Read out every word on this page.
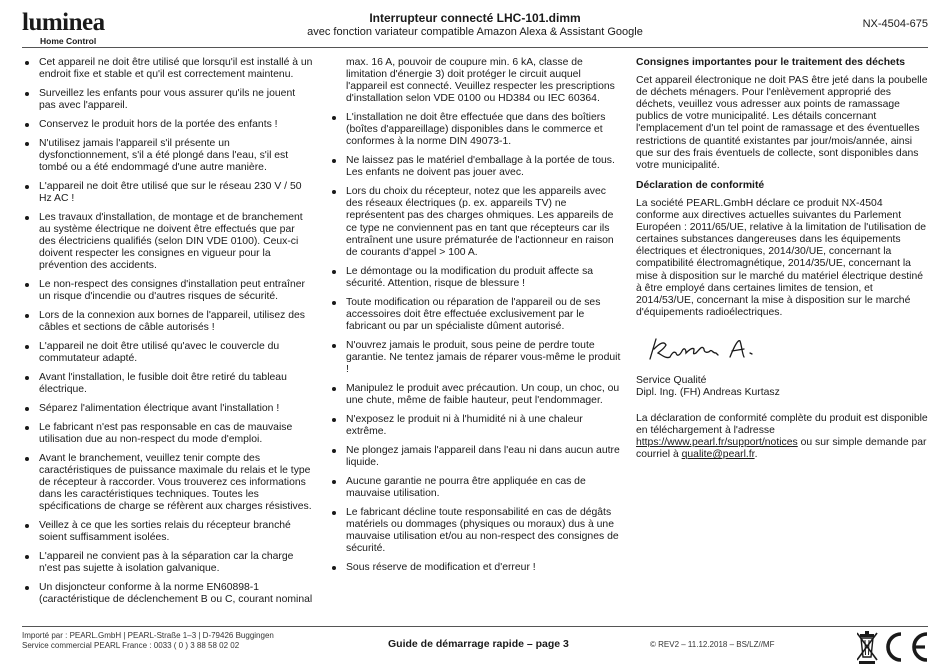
luminea
Home Control
Interrupteur connecté LHC-101.dimm
avec fonction variateur compatible Amazon Alexa & Assistant Google
NX-4504-675
Cet appareil ne doit être utilisé que lorsqu'il est installé à un endroit fixe et stable et qu'il est correctement maintenu.
Surveillez les enfants pour vous assurer qu'ils ne jouent pas avec l'appareil.
Conservez le produit hors de la portée des enfants !
N'utilisez jamais l'appareil s'il présente un dysfonctionnement, s'il a été plongé dans l'eau, s'il est tombé ou a été endommagé d'une autre manière.
L'appareil ne doit être utilisé que sur le réseau 230 V / 50 Hz AC !
Les travaux d'installation, de montage et de branchement au système électrique ne doivent être effectués que par des électriciens qualifiés (selon DIN VDE 0100). Ceux-ci doivent respecter les consignes en vigueur pour la prévention des accidents.
Le non-respect des consignes d'installation peut entraîner un risque d'incendie ou d'autres risques de sécurité.
Lors de la connexion aux bornes de l'appareil, utilisez des câbles et sections de câble autorisés !
L'appareil ne doit être utilisé qu'avec le couvercle du commutateur adapté.
Avant l'installation, le fusible doit être retiré du tableau électrique.
Séparez l'alimentation électrique avant l'installation !
Le fabricant n'est pas responsable en cas de mauvaise utilisation due au non-respect du mode d'emploi.
Avant le branchement, veuillez tenir compte des caractéristiques de puissance maximale du relais et le type de récepteur à raccorder. Vous trouverez ces informations dans les caractéristiques techniques. Toutes les spécifications de charge se réfèrent aux charges résistives.
Veillez à ce que les sorties relais du récepteur branché soient suffisamment isolées.
L'appareil ne convient pas à la séparation car la charge n'est pas sujette à isolation galvanique.
Un disjoncteur conforme à la norme EN60898-1 (caractéristique de déclenchement B ou C, courant nominal
max. 16 A, pouvoir de coupure min. 6 kA, classe de limitation d'énergie 3) doit protéger le circuit auquel l'appareil est connecté. Veuillez respecter les prescriptions d'installation selon VDE 0100 ou HD384 ou IEC 60364.
L'installation ne doit être effectuée que dans des boîtiers (boîtes d'appareillage) disponibles dans le commerce et conformes à la norme DIN 49073-1.
Ne laissez pas le matériel d'emballage à la portée de tous. Les enfants ne doivent pas jouer avec.
Lors du choix du récepteur, notez que les appareils avec des réseaux électriques (p. ex. appareils TV) ne représentent pas des charges ohmiques. Les appareils de ce type ne conviennent pas en tant que récepteurs car ils entraînent une usure prématurée de l'actionneur en raison de courants d'appel > 100 A.
Le démontage ou la modification du produit affecte sa sécurité. Attention, risque de blessure !
Toute modification ou réparation de l'appareil ou de ses accessoires doit être effectuée exclusivement par le fabricant ou par un spécialiste dûment autorisé.
N'ouvrez jamais le produit, sous peine de perdre toute garantie. Ne tentez jamais de réparer vous-même le produit !
Manipulez le produit avec précaution. Un coup, un choc, ou une chute, même de faible hauteur, peut l'endommager.
N'exposez le produit ni à l'humidité ni à une chaleur extrême.
Ne plongez jamais l'appareil dans l'eau ni dans aucun autre liquide.
Aucune garantie ne pourra être appliquée en cas de mauvaise utilisation.
Le fabricant décline toute responsabilité en cas de dégâts matériels ou dommages (physiques ou moraux) dus à une mauvaise utilisation et/ou au non-respect des consignes de sécurité.
Sous réserve de modification et d'erreur !
Consignes importantes pour le traitement des déchets

Cet appareil électronique ne doit PAS être jeté dans la poubelle de déchets ménagers. Pour l'enlèvement approprié des déchets, veuillez vous adresser aux points de ramassage publics de votre municipalité. Les détails concernant l'emplacement d'un tel point de ramassage et des éventuelles restrictions de quantité existantes par jour/mois/année, ainsi que sur des frais éventuels de collecte, sont disponibles dans votre municipalité.

Déclaration de conformité

La société PEARL.GmbH déclare ce produit NX-4504 conforme aux directives actuelles suivantes du Parlement Européen : 2011/65/UE, relative à la limitation de l'utilisation de certaines substances dangereuses dans les équipements électriques et électroniques, 2014/30/UE, concernant la compatibilité électromagnétique, 2014/35/UE, concernant la mise à disposition sur le marché du matériel électrique destiné à être employé dans certaines limites de tension, et 2014/53/UE, concernant la mise à disposition sur le marché d'équipements radioélectriques.

Service Qualité
Dipl. Ing. (FH) Andreas Kurtasz

La déclaration de conformité complète du produit est disponible en téléchargement à l'adresse https://www.pearl.fr/support/notices ou sur simple demande par courriel à qualite@pearl.fr.

Importé par : PEARL.GmbH | PEARL-Straße 1–3 | D-79426 Buggingen
Service commercial PEARL France : 0033 ( 0 ) 3 88 58 02 02	Guide de démarrage rapide – page 3	© REV2 – 11.12.2018 – BS/LZ//MF
